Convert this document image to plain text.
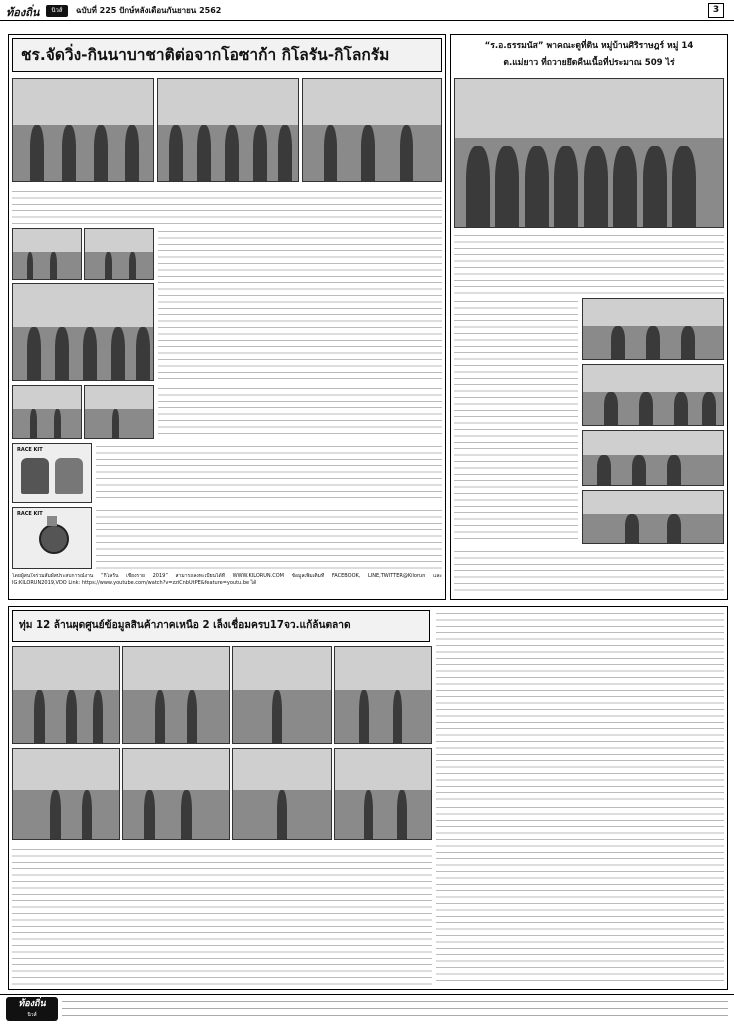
ท้องถิ่น	นิวส์	ฉบับที่ 225 ปักษ์หลังเดือนกันยายน 2562	3
ชร.จัดวิ่ง-กินนาบาชาติต่อจากโอซาก้า กิโลรัน-กิโลกรัม
RACE KIT
RACE KIT
โดยผู้สนใจร่วมสัมผัสประสบการณ์งาน “กิโลรัน เชียงราย 2019” สามารถลงทะเบียนได้ที่ WWW.KILORUN.COM ข้อมูลเพิ่มเติมที่ FACEBOOK, LINE,TWITTER@Kilorun และ IG:KILORUN2019,VDO Link: https://www.youtube.com/watch?v=zziCnbUtPE&feature=youtu.be ได้
“ร.อ.ธรรมนัส” พาคณะดูที่ดิน หมู่บ้านศิริราษฎร์ หมู่ 14
ต.แม่ยาว ที่ถวายยึดคืนเนื้อที่ประมาณ 509 ไร่
ทุ่ม 12 ล้านผุดศูนย์ข้อมูลสินค้าภาคเหนือ 2 เล็งเชื่อมครบ17จว.แก้ล้นตลาด
ท้องถิ่น
นิวส์
